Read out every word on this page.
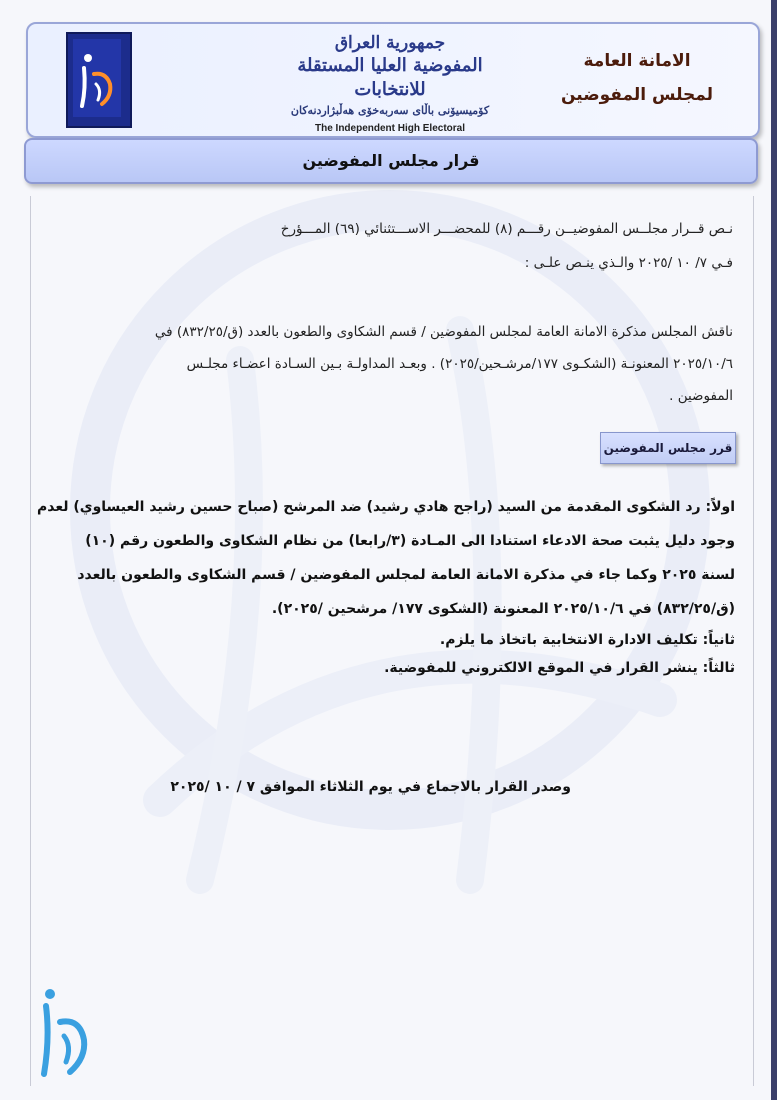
جمهورية العراق
المفوضية العليا المستقلة للانتخابات
كۆمیسیۆنی باڵای سەربەخۆی هەڵبژاردنەکان
The Independent High Electoral
الامانة العامة
لمجلس المفوضين
قرار مجلس المفوضين
نـص قــرار مجلــس المفوضيــن رقـــم (٨) للمحضـــر الاســـتثنائي (٦٩) المـــؤرخ
فـي ٧/ ١٠ /٢٠٢٥ والـذي ينـص علـى :
ناقش المجلس مذكرة الامانة العامة لمجلس المفوضين / قسم الشكاوى والطعون بالعدد (ق/٨٣٢/٢٥) في
٢٠٢٥/١٠/٦ المعنونـة (الشكـوى ١٧٧/مرشـحين/٢٠٢٥) . وبعـد المداولـة بـين السـادة اعضـاء مجلـس
المفوضين .
قرر مجلس المفوضين
اولاً: رد الشكوى المقدمة من السيد (راجح هادي رشيد) ضد المرشح (صباح حسين رشيد العيساوي) لعدم
وجود دليل يثبت صحة الادعاء استنادا الى المـادة (٣/رابعا) من نظام الشكاوى والطعون رقم (١٠)
لسنة ٢٠٢٥ وكما جاء في مذكرة الامانة العامة لمجلس المفوضين / قسم الشكاوى والطعون بالعدد
(ق/٨٣٢/٢٥) في ٢٠٢٥/١٠/٦ المعنونة (الشكوى ١٧٧/ مرشحين /٢٠٢٥).
ثانياً: تكليف الادارة الانتخابية باتخاذ ما يلزم.
ثالثاً: ينشر القرار في الموقع الالكتروني للمفوضية.
وصدر القرار بالاجماع في يوم الثلاثاء الموافق ٧ / ١٠ /٢٠٢٥
